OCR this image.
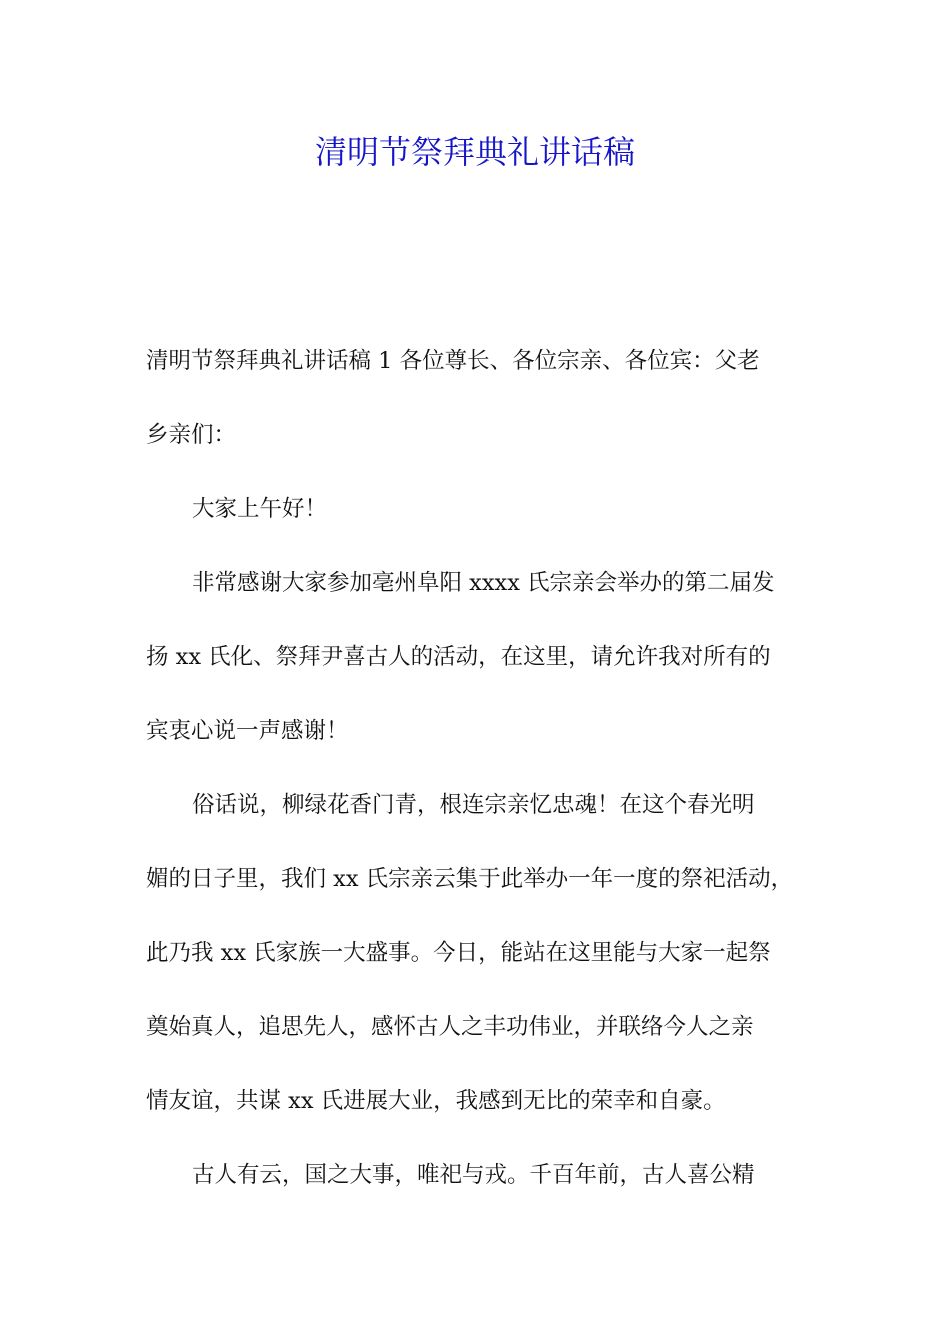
清明节祭拜典礼讲话稿
清明节祭拜典礼讲话稿 1 各位尊长、各位宗亲、各位宾：父老
乡亲们：
大家上午好！
非常感谢大家参加亳州阜阳 xxxx 氏宗亲会举办的第二届发
扬 xx 氏化、祭拜尹喜古人的活动，在这里，请允许我对所有的
宾衷心说一声感谢！
俗话说，柳绿花香门青，根连宗亲忆忠魂！在这个春光明
媚的日子里，我们 xx 氏宗亲云集于此举办一年一度的祭祀活动，
此乃我 xx 氏家族一大盛事。今日，能站在这里能与大家一起祭
奠始真人，追思先人，感怀古人之丰功伟业，并联络今人之亲
情友谊，共谋 xx 氏进展大业，我感到无比的荣幸和自豪。
古人有云，国之大事，唯祀与戎。千百年前，古人喜公精
